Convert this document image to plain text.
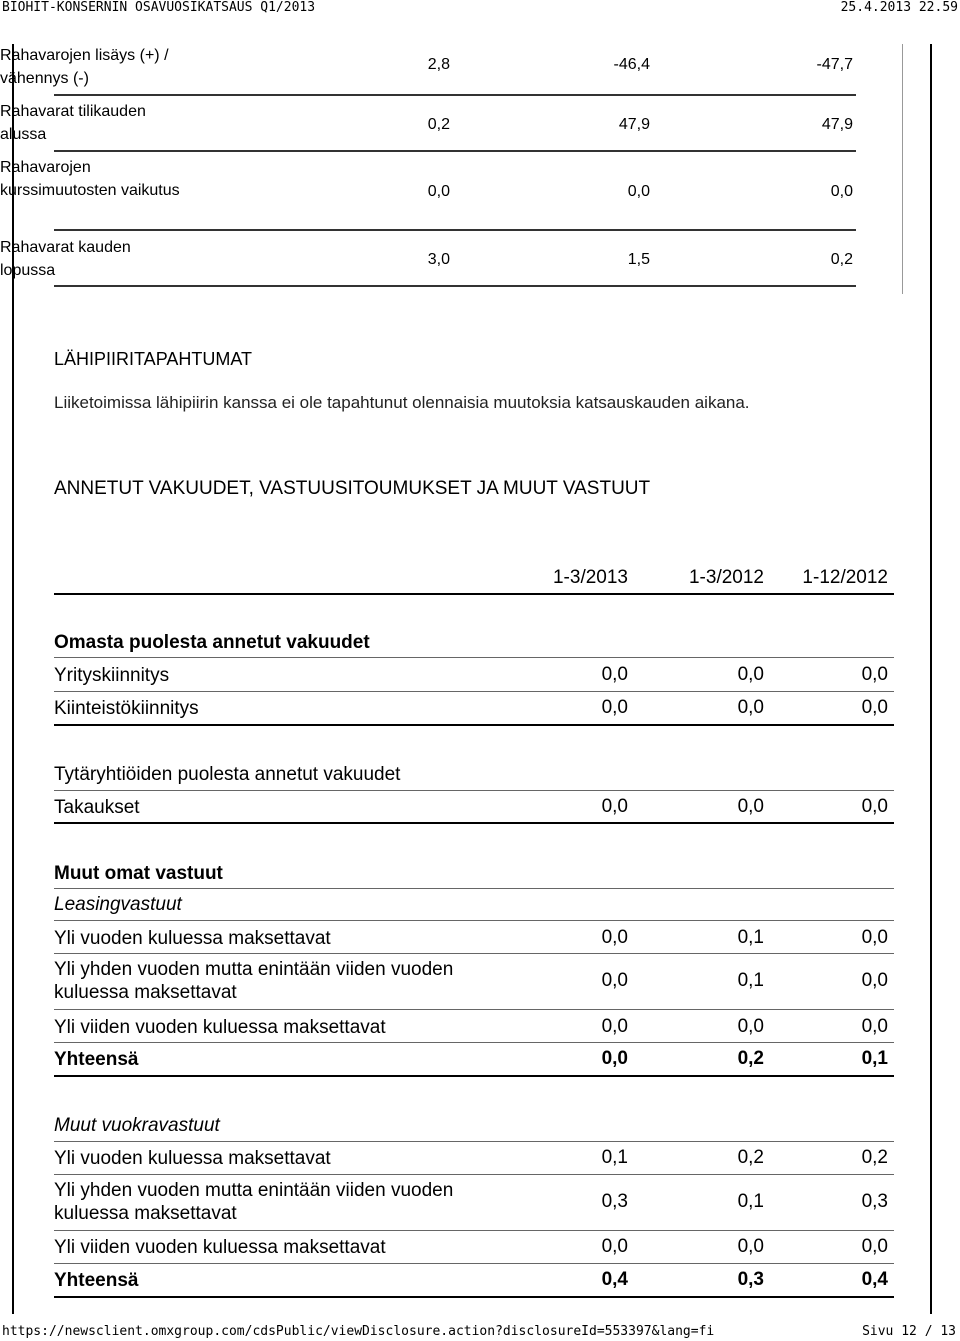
BIOHIT-KONSERNIN OSAVUOSIKATSAUS Q1/2013	25.4.2013 22.59
https://newsclient.omxgroup.com/cdsPublic/viewDisclosure.action?disclosureId=553397&lang=fi	Sivu 12 / 13
Rahavarojen lisäys (+) / vähennys (-)
2,8	-46,4	-47,7
Rahavarat tilikauden alussa
0,2	47,9	47,9
Rahavarojen kurssimuutosten vaikutus	0,0	0,0	0,0
Rahavarat kauden lopussa
3,0	1,5	0,2
LÄHIPIIRITAPAHTUMAT
Liiketoimissa lähipiirin kanssa ei ole tapahtunut olennaisia muutoksia katsauskauden aikana.
ANNETUT VAKUUDET, VASTUUSITOUMUKSET JA MUUT VASTUUT
1-3/2013	1-3/2012	1-12/2012
Omasta puolesta annetut vakuudet
Yrityskiinnitys	0,0	0,0	0,0
Kiinteistökiinnitys	0,0	0,0	0,0
Tytäryhtiöiden puolesta annetut vakuudet
Takaukset	0,0	0,0	0,0
Muut omat vastuut
Leasingvastuut
Yli vuoden kuluessa maksettavat	0,0	0,1	0,0
Yli yhden vuoden mutta enintään viiden vuoden kuluessa maksettavat
0,0	0,1	0,0
Yli viiden vuoden kuluessa maksettavat	0,0	0,0	0,0
Yhteensä	0,0	0,2	0,1
Muut vuokravastuut
Yli vuoden kuluessa maksettavat	0,1	0,2	0,2
Yli yhden vuoden mutta enintään viiden vuoden kuluessa maksettavat
0,3	0,1	0,3
Yli viiden vuoden kuluessa maksettavat	0,0	0,0	0,0
Yhteensä	0,4	0,3	0,4
